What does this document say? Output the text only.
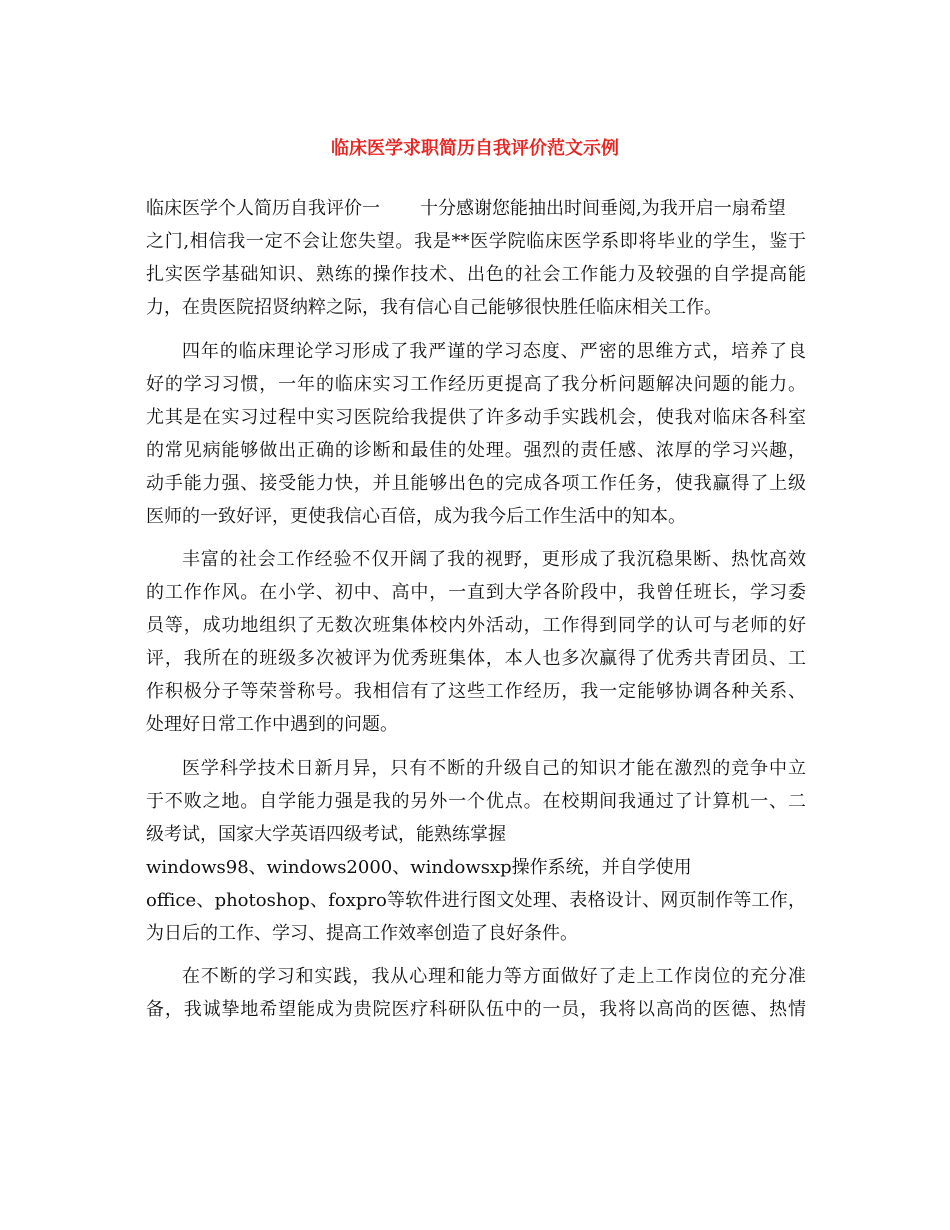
临床医学求职简历自我评价范文示例

临床医学个人简历自我评价一 十分感谢您能抽出时间垂阅,为我开启一扇希望

之门,相信我一定不会让您失望。我是**医学院临床医学系即将毕业的学生，鉴于

扎实医学基础知识、熟练的操作技术、出色的社会工作能力及较强的自学提高能

力，在贵医院招贤纳粹之际，我有信心自己能够很快胜任临床相关工作。

四年的临床理论学习形成了我严谨的学习态度、严密的思维方式，培养了良

好的学习习惯，一年的临床实习工作经历更提高了我分析问题解决问题的能力。

尤其是在实习过程中实习医院给我提供了许多动手实践机会，使我对临床各科室

的常见病能够做出正确的诊断和最佳的处理。强烈的责任感、浓厚的学习兴趣，

动手能力强、接受能力快，并且能够出色的完成各项工作任务，使我赢得了上级

医师的一致好评，更使我信心百倍，成为我今后工作生活中的知本。

丰富的社会工作经验不仅开阔了我的视野，更形成了我沉稳果断、热忱高效

的工作作风。在小学、初中、高中，一直到大学各阶段中，我曾任班长，学习委

员等，成功地组织了无数次班集体校内外活动，工作得到同学的认可与老师的好

评，我所在的班级多次被评为优秀班集体，本人也多次赢得了优秀共青团员、工

作积极分子等荣誉称号。我相信有了这些工作经历，我一定能够协调各种关系、

处理好日常工作中遇到的问题。

医学科学技术日新月异，只有不断的升级自己的知识才能在激烈的竞争中立

于不败之地。自学能力强是我的另外一个优点。在校期间我通过了计算机一、二

级考试，国家大学英语四级考试，能熟练掌握

windows98、windows2000、windowsxp操作系统，并自学使用

office、photoshop、foxpro等软件进行图文处理、表格设计、网页制作等工作，

为日后的工作、学习、提高工作效率创造了良好条件。

在不断的学习和实践，我从心理和能力等方面做好了走上工作岗位的充分准

备，我诚挚地希望能成为贵院医疗科研队伍中的一员，我将以高尚的医德、热情
